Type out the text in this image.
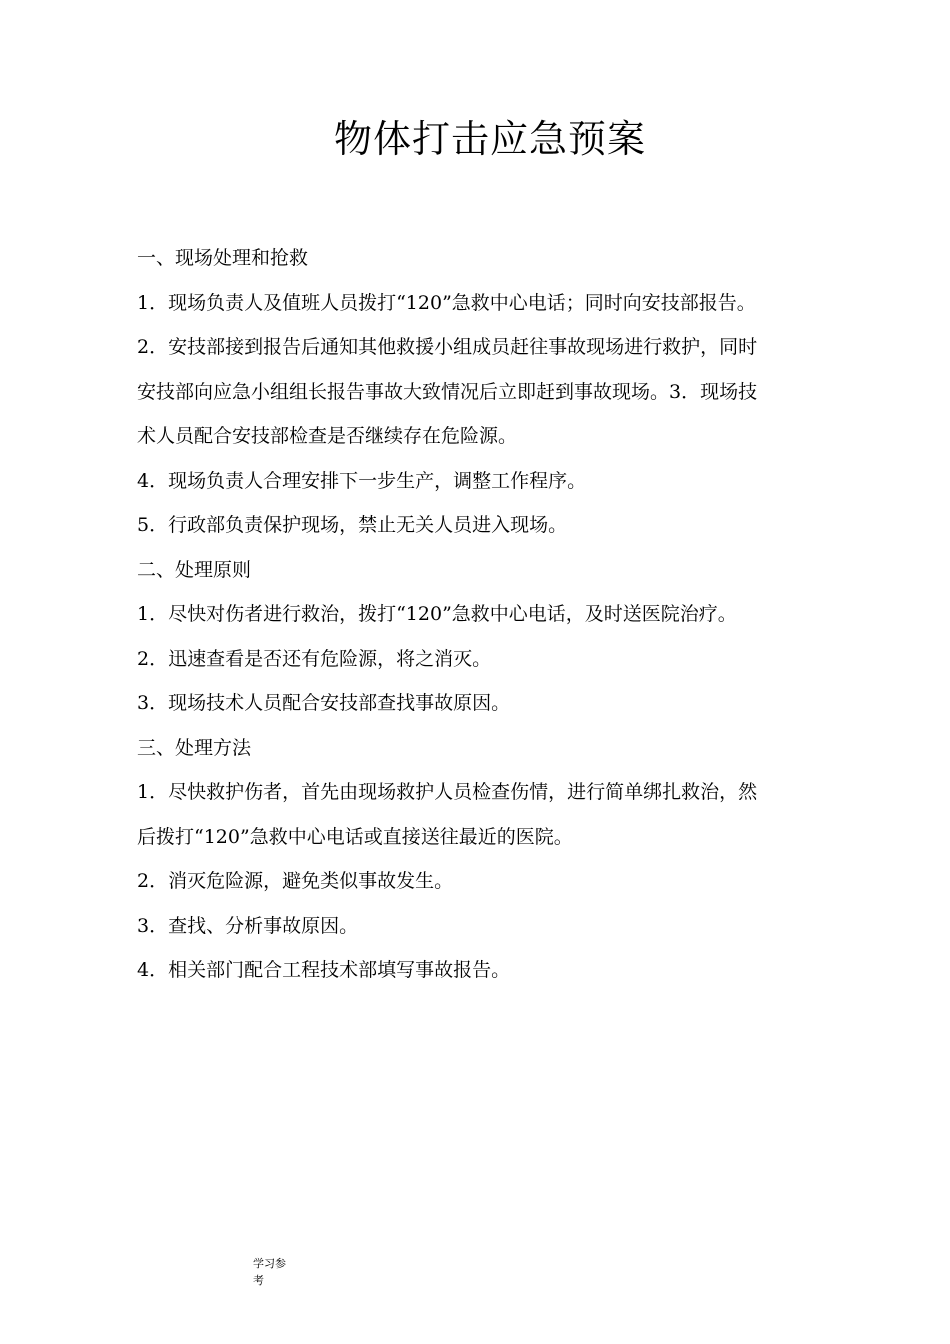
物体打击应急预案
一、现场处理和抢救
1．现场负责人及值班人员拨打“120”急救中心电话；同时向安技部报告。
2．安技部接到报告后通知其他救援小组成员赶往事故现场进行救护，同时
安技部向应急小组组长报告事故大致情况后立即赶到事故现场。3．现场技
术人员配合安技部检查是否继续存在危险源。
4．现场负责人合理安排下一步生产，调整工作程序。
5．行政部负责保护现场，禁止无关人员进入现场。
二、处理原则
1．尽快对伤者进行救治，拨打“120”急救中心电话，及时送医院治疗。
2．迅速查看是否还有危险源，将之消灭。
3．现场技术人员配合安技部查找事故原因。
三、处理方法
1．尽快救护伤者，首先由现场救护人员检查伤情，进行简单绑扎救治，然
后拨打“120”急救中心电话或直接送往最近的医院。
2．消灭危险源，避免类似事故发生。
3．查找、分析事故原因。
4．相关部门配合工程技术部填写事故报告。
学习参
考
